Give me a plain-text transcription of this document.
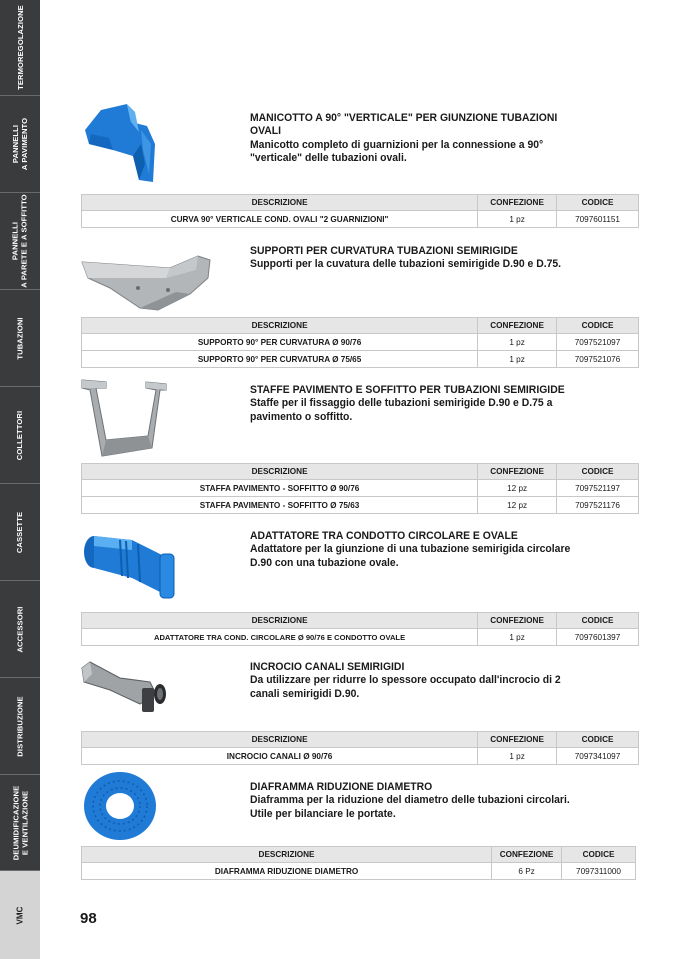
TERMOREGOLAZIONE
PANNELLI
A PAVIMENTO
PANNELLI
A PARETE E A SOFFITTO
TUBAZIONI
COLLETTORI
CASSETTE
ACCESSORI
DISTRIBUZIONE
DEUMIDIFICAZIONE
E VENTILAZIONE
VMC
MANICOTTO A 90° "VERTICALE" PER GIUNZIONE TUBAZIONI OVALI
Manicotto completo di guarnizioni per la connessione a 90° "verticale" delle tubazioni ovali.
DESCRIZIONE	CONFEZIONE	CODICE
CURVA 90° VERTICALE COND. OVALI "2 GUARNIZIONI"	1 pz	7097601151
SUPPORTI PER CURVATURA TUBAZIONI SEMIRIGIDE
Supporti per la cuvatura delle tubazioni semirigide D.90 e D.75.
DESCRIZIONE	CONFEZIONE	CODICE
SUPPORTO 90° PER CURVATURA Ø 90/76	1 pz	7097521097
SUPPORTO 90° PER CURVATURA Ø 75/65	1 pz	7097521076
STAFFE PAVIMENTO E SOFFITTO PER TUBAZIONI SEMIRIGIDE
Staffe per il fissaggio delle tubazioni semirigide D.90 e D.75 a pavimento o soffitto.
DESCRIZIONE	CONFEZIONE	CODICE
STAFFA PAVIMENTO - SOFFITTO Ø 90/76	12 pz	7097521197
STAFFA PAVIMENTO - SOFFITTO Ø 75/63	12 pz	7097521176
ADATTATORE TRA CONDOTTO CIRCOLARE E OVALE
Adattatore per la giunzione di una tubazione semirigida circolare D.90 con una tubazione ovale.
DESCRIZIONE	CONFEZIONE	CODICE
ADATTATORE TRA COND. CIRCOLARE Ø 90/76 E CONDOTTO OVALE	1 pz	7097601397
INCROCIO CANALI SEMIRIGIDI
Da utilizzare per ridurre lo spessore occupato dall'incrocio di 2 canali semirigidi D.90.
DESCRIZIONE	CONFEZIONE	CODICE
INCROCIO CANALI Ø 90/76	1 pz	7097341097
DIAFRAMMA RIDUZIONE DIAMETRO
Diaframma per la riduzione del diametro delle tubazioni circolari. Utile per bilanciare le portate.
DESCRIZIONE	CONFEZIONE	CODICE
DIAFRAMMA RIDUZIONE DIAMETRO	6 Pz	7097311000
98
